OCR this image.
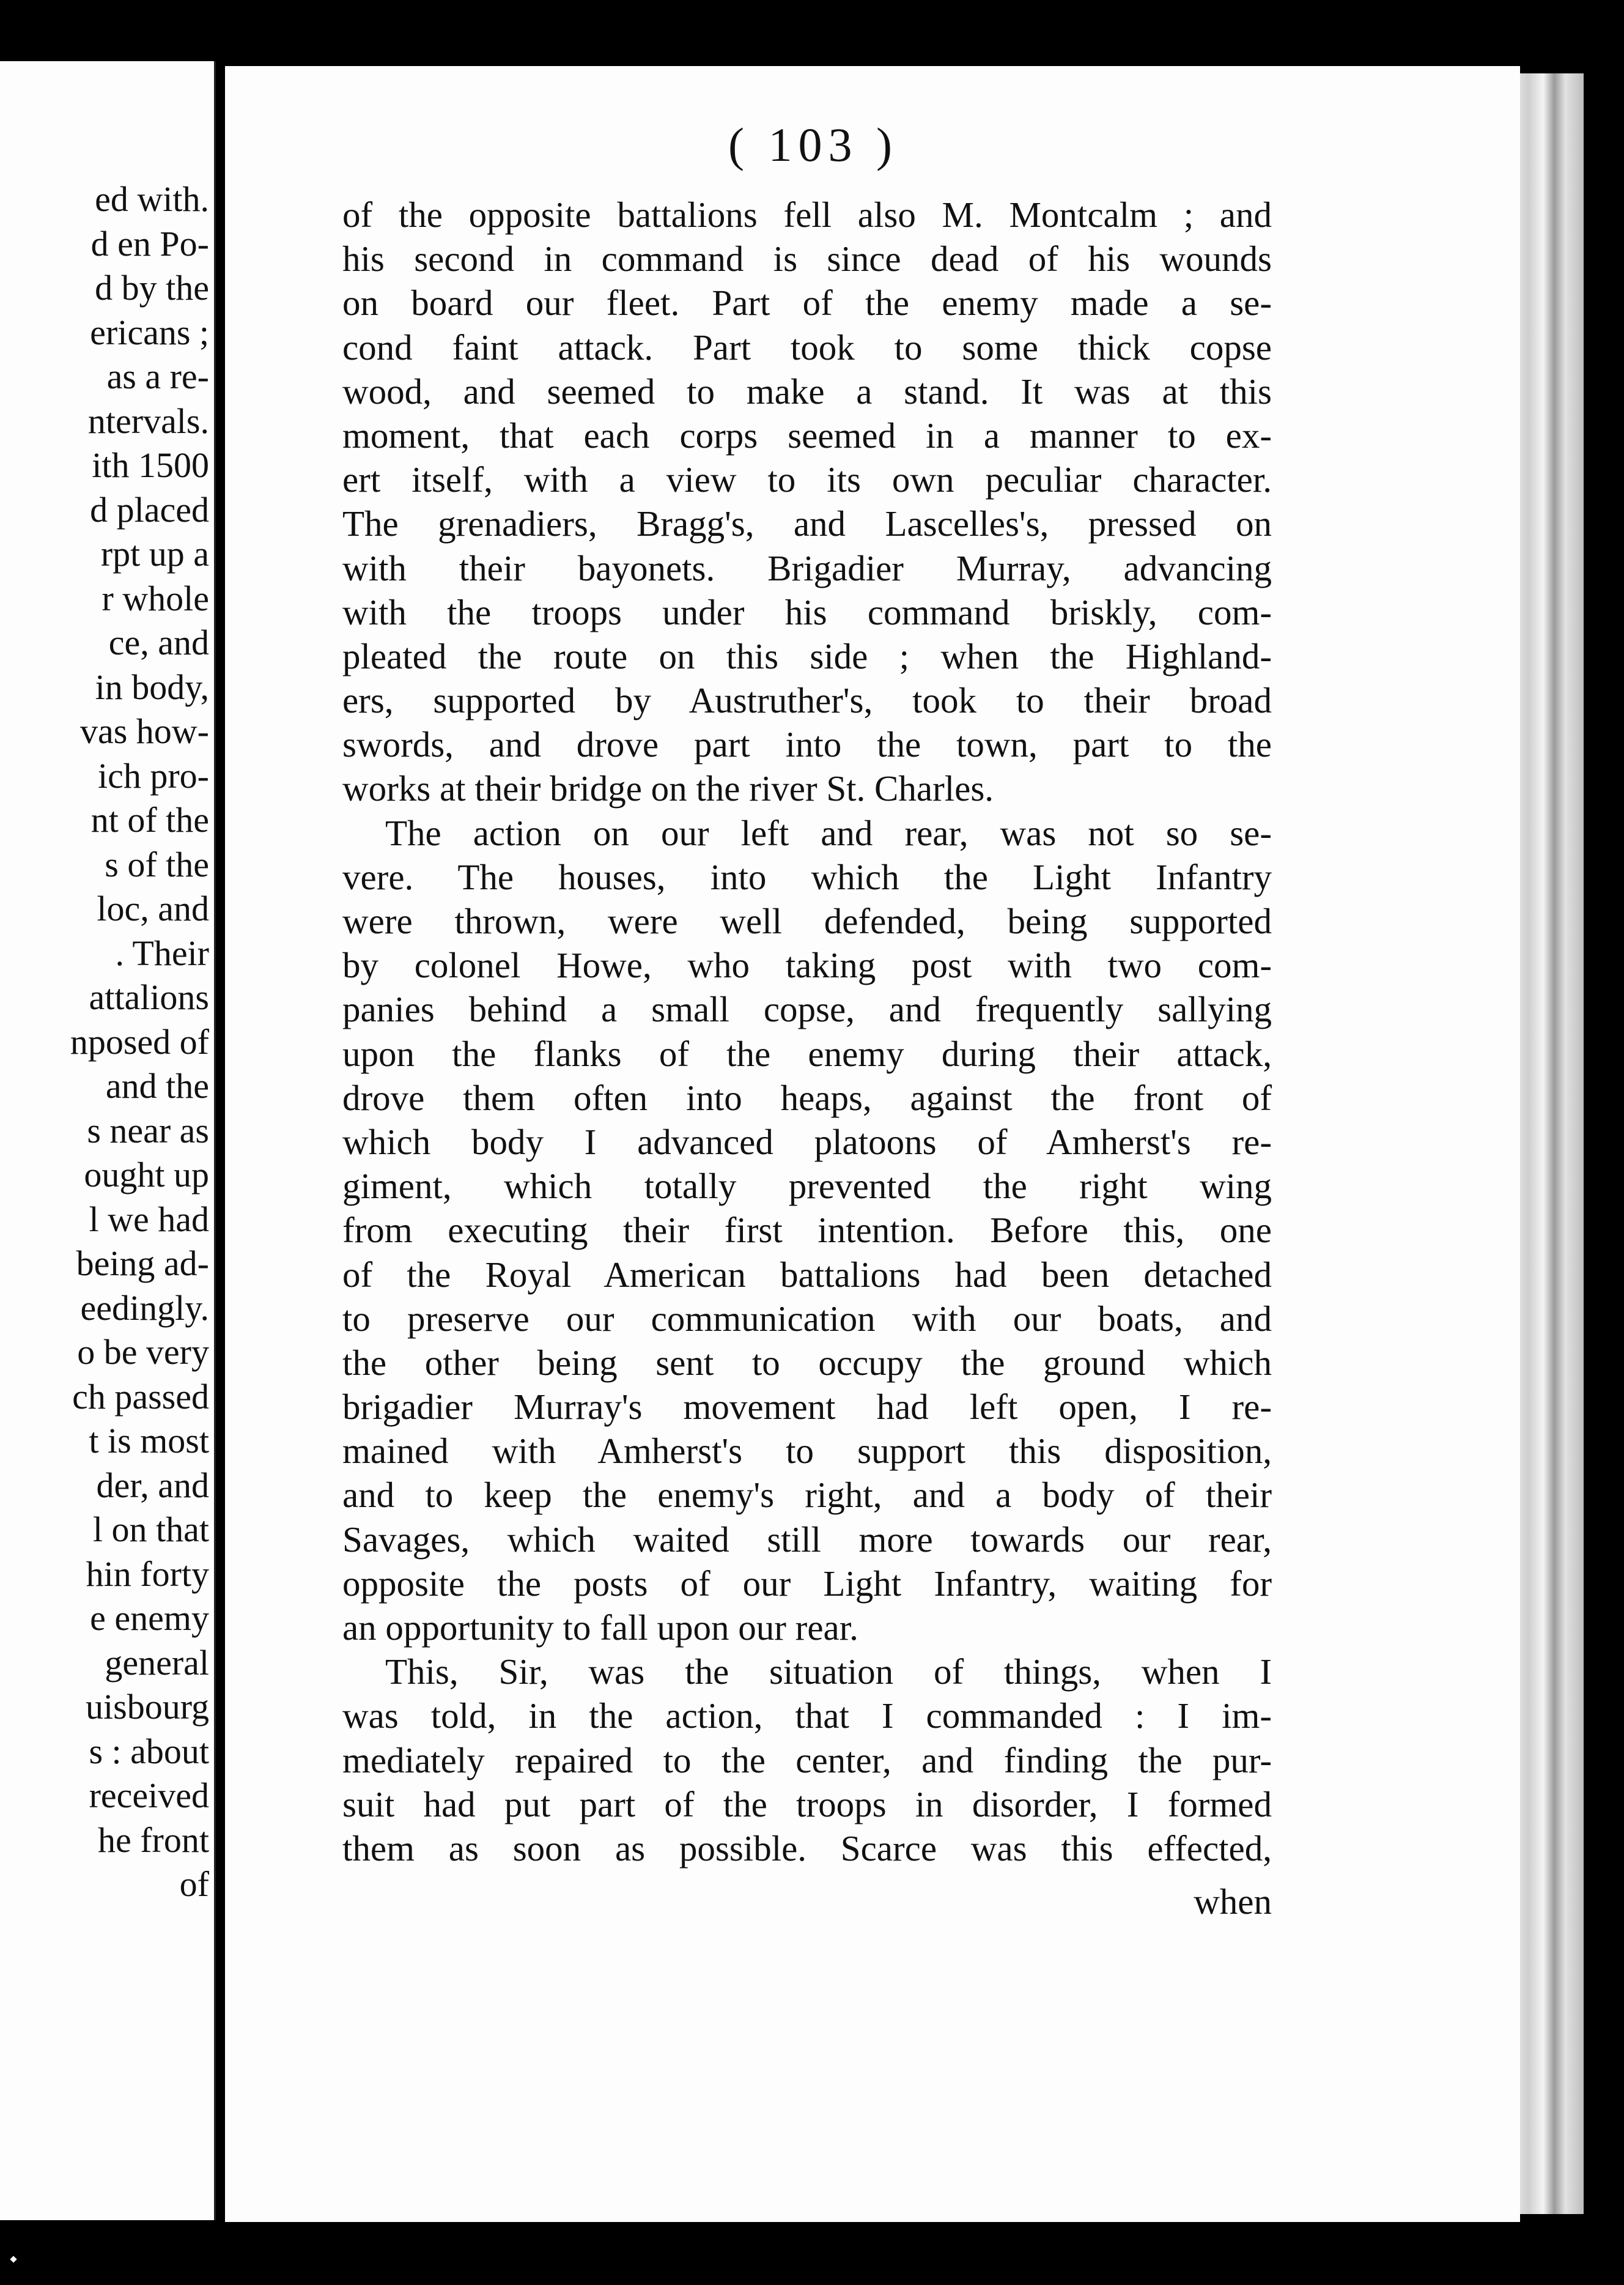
ed with.
d en Po-
d by the
ericans ;
as a re-
ntervals.
ith 1500
d placed
rpt up a
r whole
ce, and
in body,
vas how-
ich pro-
nt of the
s of the
loc, and
. Their
attalions
nposed of
and the
s near as
ought up
l we had
being ad-
eedingly.
o be very
ch passed
t is most
der, and
l on that
hin forty
e enemy
general
uisbourg
s : about
received
he front
of
( 103 )
of the opposite battalions fell also M. Montcalm ; and
his second in command is since dead of his wounds
on board our fleet. Part of the enemy made a se-
cond faint attack. Part took to some thick copse
wood, and seemed to make a stand. It was at this
moment, that each corps seemed in a manner to ex-
ert itself, with a view to its own peculiar character.
The grenadiers, Bragg's, and Lascelles's, pressed on
with their bayonets. Brigadier Murray, advancing
with the troops under his command briskly, com-
pleated the route on this side ; when the Highland-
ers, supported by Austruther's, took to their broad
swords, and drove part into the town, part to the
works at their bridge on the river St. Charles.
The action on our left and rear, was not so se-
vere. The houses, into which the Light Infantry
were thrown, were well defended, being supported
by colonel Howe, who taking post with two com-
panies behind a small copse, and frequently sallying
upon the flanks of the enemy during their attack,
drove them often into heaps, against the front of
which body I advanced platoons of Amherst's re-
giment, which totally prevented the right wing
from executing their first intention. Before this, one
of the Royal American battalions had been detached
to preserve our communication with our boats, and
the other being sent to occupy the ground which
brigadier Murray's movement had left open, I re-
mained with Amherst's to support this disposition,
and to keep the enemy's right, and a body of their
Savages, which waited still more towards our rear,
opposite the posts of our Light Infantry, waiting for
an opportunity to fall upon our rear.
This, Sir, was the situation of things, when I
was told, in the action, that I commanded : I im-
mediately repaired to the center, and finding the pur-
suit had put part of the troops in disorder, I formed
them as soon as possible. Scarce was this effected,
when
